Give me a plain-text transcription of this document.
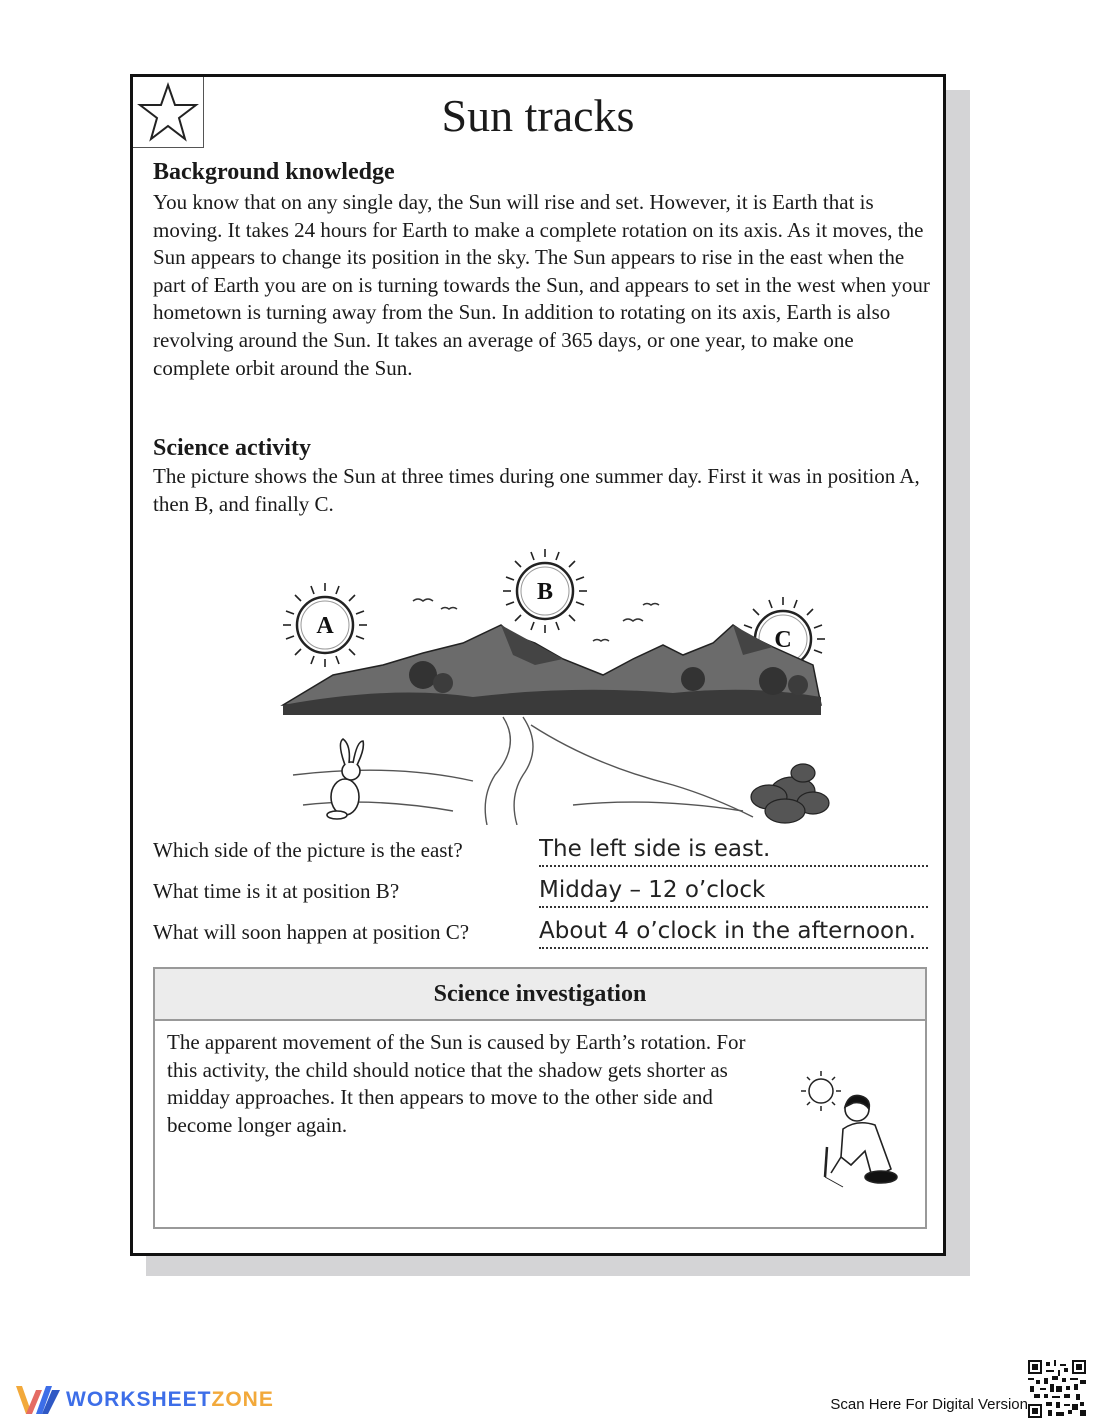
Sun tracks
Background knowledge

You know that on any single day, the Sun will rise and set. However, it is Earth that is moving. It takes 24 hours for Earth to make a complete rotation on its axis. As it moves, the Sun appears to change its position in the sky. The Sun appears to rise in the east when the part of Earth you are on is turning towards the Sun, and appears to set in the west when your hometown is turning away from the Sun. In addition to rotating on its axis, Earth is also revolving around the Sun. It takes an average of 365 days, or one year, to make one complete orbit around the Sun.

Science activity

The picture shows the Sun at three times during one summer day. First it was in position A, then B, and finally C.

A
B
C
Which side of the picture is the east?	The left side is east.
What time is it at position B?	Midday – 12 o’clock
What will soon happen at position C?	About 4 o’clock in the afternoon.
Science investigation

The apparent movement of the Sun is caused by Earth’s rotation. For this activity, the child should notice that the shadow gets shorter as midday approaches. It then appears to move to the other side and become longer again.

WORKSHEETZONE	Scan Here For Digital Version
